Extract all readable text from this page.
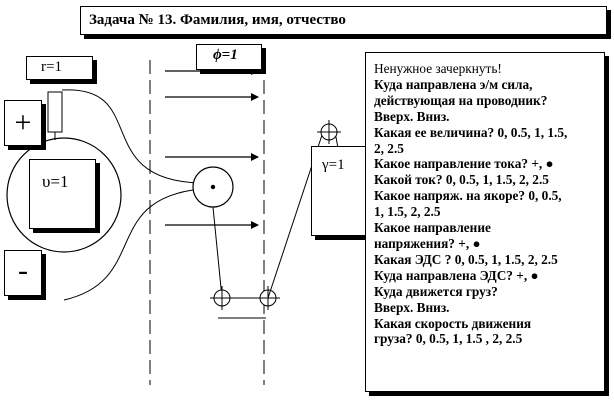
Задача № 13. Фамилия, имя, отчество
r=1
+
-
ϕ=1
γ=1
υ=1
Ненужное зачеркнуть!
Куда направлена э/м сила,
действующая на проводник?
Вверх. Вниз.
Какая ее величина? 0, 0.5, 1, 1.5,
2, 2.5
Какое направление тока? +, ●
Какой ток? 0, 0.5, 1, 1.5, 2, 2.5
Какое напряж. на якоре? 0, 0.5,
1, 1.5, 2, 2.5
Какое направление
напряжения? +, ●
Какая ЭДС ? 0, 0.5, 1, 1.5, 2, 2.5
Куда направлена ЭДС? +, ●
Куда движется груз?
Вверх. Вниз.
Какая скорость движения
груза? 0, 0.5, 1, 1.5 , 2, 2.5
